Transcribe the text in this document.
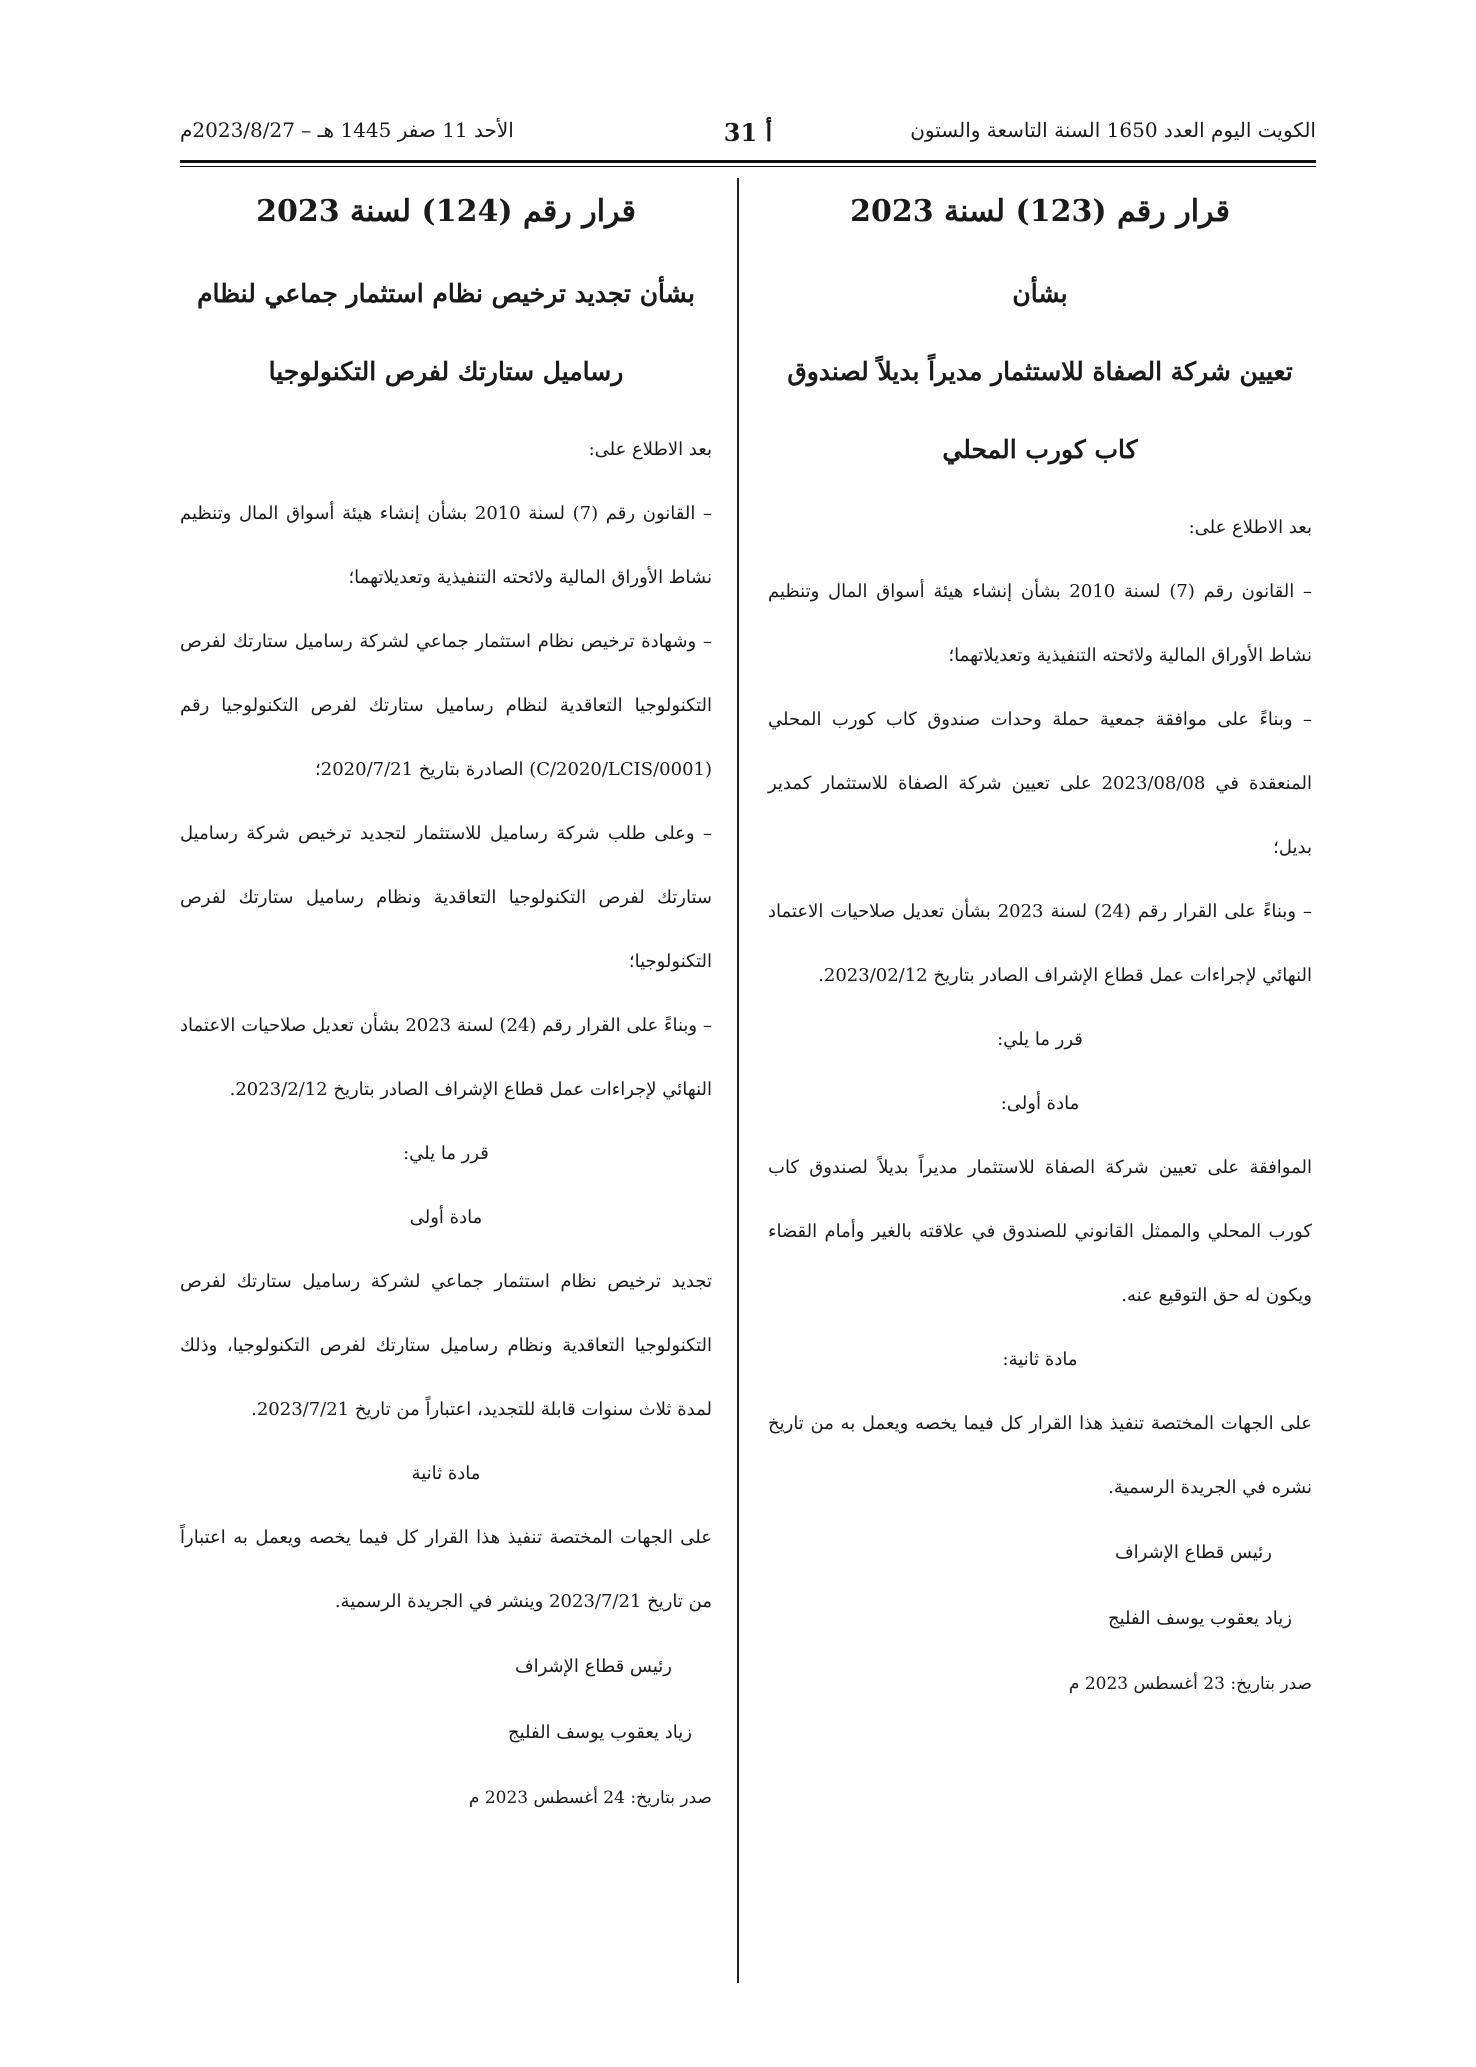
الكويت اليوم العدد 1650 السنة التاسعة والستون
أ 31
الأحد 11 صفر 1445 هـ – 2023/8/27م
قرار رقم (123) لسنة 2023
بشأن
تعيين شركة الصفاة للاستثمار مديراً بديلاً لصندوق
كاب كورب المحلي

بعد الاطلاع على:

– القانون رقم (7) لسنة 2010 بشأن إنشاء هيئة أسواق المال وتنظيم نشاط الأوراق المالية ولائحته التنفيذية وتعديلاتهما؛

– وبناءً على موافقة جمعية حملة وحدات صندوق كاب كورب المحلي المنعقدة في 2023/08/08 على تعيين شركة الصفاة للاستثمار كمدير بديل؛

– وبناءً على القرار رقم (24) لسنة 2023 بشأن تعديل صلاحيات الاعتماد النهائي لإجراءات عمل قطاع الإشراف الصادر بتاريخ 2023/02/12.

قرر ما يلي:

مادة أولى:

الموافقة على تعيين شركة الصفاة للاستثمار مديراً بديلاً لصندوق كاب كورب المحلي والممثل القانوني للصندوق في علاقته بالغير وأمام القضاء ويكون له حق التوقيع عنه.

مادة ثانية:

على الجهات المختصة تنفيذ هذا القرار كل فيما يخصه ويعمل به من تاريخ نشره في الجريدة الرسمية.

رئيس قطاع الإشراف

زياد يعقوب يوسف الفليج

صدر بتاريخ: 23 أغسطس 2023 م

قرار رقم (124) لسنة 2023
بشأن تجديد ترخيص نظام استثمار جماعي لنظام
رساميل ستارتك لفرص التكنولوجيا

بعد الاطلاع على:

– القانون رقم (7) لسنة 2010 بشأن إنشاء هيئة أسواق المال وتنظيم نشاط الأوراق المالية ولائحته التنفيذية وتعديلاتهما؛

– وشهادة ترخيص نظام استثمار جماعي لشركة رساميل ستارتك لفرص التكنولوجيا التعاقدية لنظام رساميل ستارتك لفرص التكنولوجيا رقم (C/2020/LCIS/0001) الصادرة بتاريخ 2020/7/21؛

– وعلى طلب شركة رساميل للاستثمار لتجديد ترخيص شركة رساميل ستارتك لفرص التكنولوجيا التعاقدية ونظام رساميل ستارتك لفرص التكنولوجيا؛

– وبناءً على القرار رقم (24) لسنة 2023 بشأن تعديل صلاحيات الاعتماد النهائي لإجراءات عمل قطاع الإشراف الصادر بتاريخ 2023/2/12.

قرر ما يلي:

مادة أولى

تجديد ترخيص نظام استثمار جماعي لشركة رساميل ستارتك لفرص التكنولوجيا التعاقدية ونظام رساميل ستارتك لفرص التكنولوجيا، وذلك لمدة ثلاث سنوات قابلة للتجديد، اعتباراً من تاريخ 2023/7/21.

مادة ثانية

على الجهات المختصة تنفيذ هذا القرار كل فيما يخصه ويعمل به اعتباراً من تاريخ 2023/7/21 وينشر في الجريدة الرسمية.

رئيس قطاع الإشراف

زياد يعقوب يوسف الفليج

صدر بتاريخ: 24 أغسطس 2023 م
